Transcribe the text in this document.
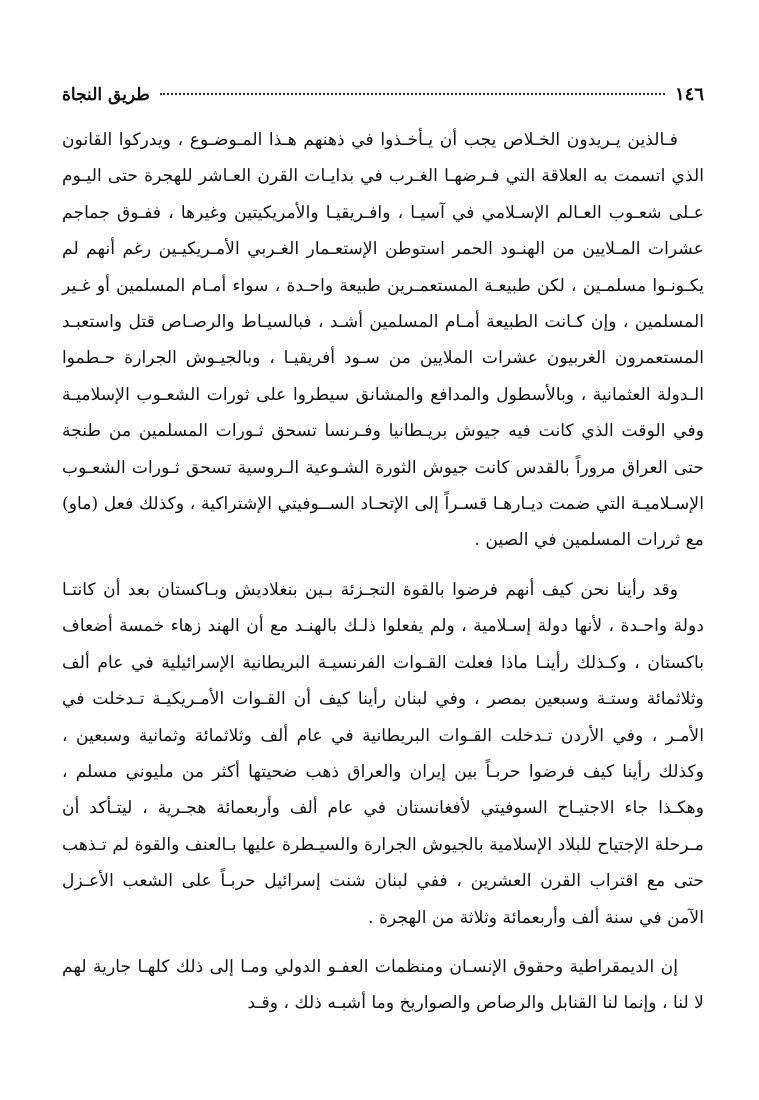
١٤٦
طريق النجاة

فـالذين يـريدون الخـلاص يجب أن يـأخـذوا في ذهنهم هـذا المـوضـوع ، ويدركوا القانون الذي اتسمت به العلاقة التي فـرضهـا الغـرب في بدايـات القرن العـاشر للهجرة حتى اليـوم عـلى شعـوب العـالم الإسـلامي في آسيـا ، وافـريقيـا والأمريكيتين وغيرها ، ففـوق جماجم عشرات المـلايين من الهنـود الحمر استوطن الإستعـمار الغـربي الأمـريكيـين رغم أنهم لم يكـونـوا مسلمـين ، لكن طبيعـة المستعمـرين طبيعة واحـدة ، سواء أمـام المسلمين أو غـير المسلمين ، وإن كـانت الطبيعة أمـام المسلمين أشـد ، فبالسيـاط والرصـاص قتل واستعبـد المستعمرون الغربيون عشرات الملايين من سـود أفريقيـا ، وبالجيـوش الجرارة حـطموا الـدولة العثمانية ، وبالأسطول والمدافع والمشانق سيطروا على ثورات الشعـوب الإسلاميـة وفي الوقت الذي كانت فيه جيوش بريـطانيا وفـرنسا تسحق ثـورات المسلمين من طنجة حتى العراق مروراً بالقدس كانت جيوش الثورة الشـوعية الـروسية تسحق ثـورات الشعـوب الإسـلاميـة التي ضمت ديـارهـا قسـراً إلى الإتحـاد الســوفيتي الإشتراكية ، وكذلك فعل (ماو) مع ثررات المسلمين في الصين .

وقد رأينا نحن كيف أنهم فرضوا بالقوة التجـزئة بـين بنغلاديش وبـاكستان بعد أن كانتـا دولة واحـدة ، لأنها دولة إسـلامية ، ولم يفعلوا ذلـك بالهنـد مع أن الهند زهاء خمسة أضعاف باكستان ، وكـذلك رأينـا ماذا فعلت القـوات الفرنسيـة البريطانية الإسرائيلية في عام ألف وثلاثمائة وستـة وسبعين بمصر ، وفي لبنان رأينا كيف أن القـوات الأمـريكيـة تـدخلت في الأمـر ، وفي الأردن تـدخلت القـوات البريطانية في عام ألف وثلاثمائة وثمانية وسبعين ، وكذلك رأينا كيف فرضوا حربـاً بين إيران والعراق ذهب ضحيتها أكثر من مليوني مسلم ، وهكـذا جاء الاجتيـاح السوفيتي لأفغانستان في عام ألف وأربعمائة هجـرية ، ليتـأكد أن مـرحلة الإجتياح للبلاد الإسلامية بالجيوش الجرارة والسيـطرة عليها بـالعنف والقوة لم تـذهب حتى مع اقتراب القرن العشرين ، ففي لبنان شنت إسرائيل حربـاً على الشعب الأعـزل الآمن في سنة ألف وأربعمائة وثلاثة من الهجرة .

إن الديمقراطية وحقوق الإنسـان ومنظمات العفـو الدولي ومـا إلى ذلك كلهـا جارية لهم لا لنا ، وإنما لنا القنابل والرصاص والصواريخ وما أشبـه ذلك ، وقـد
